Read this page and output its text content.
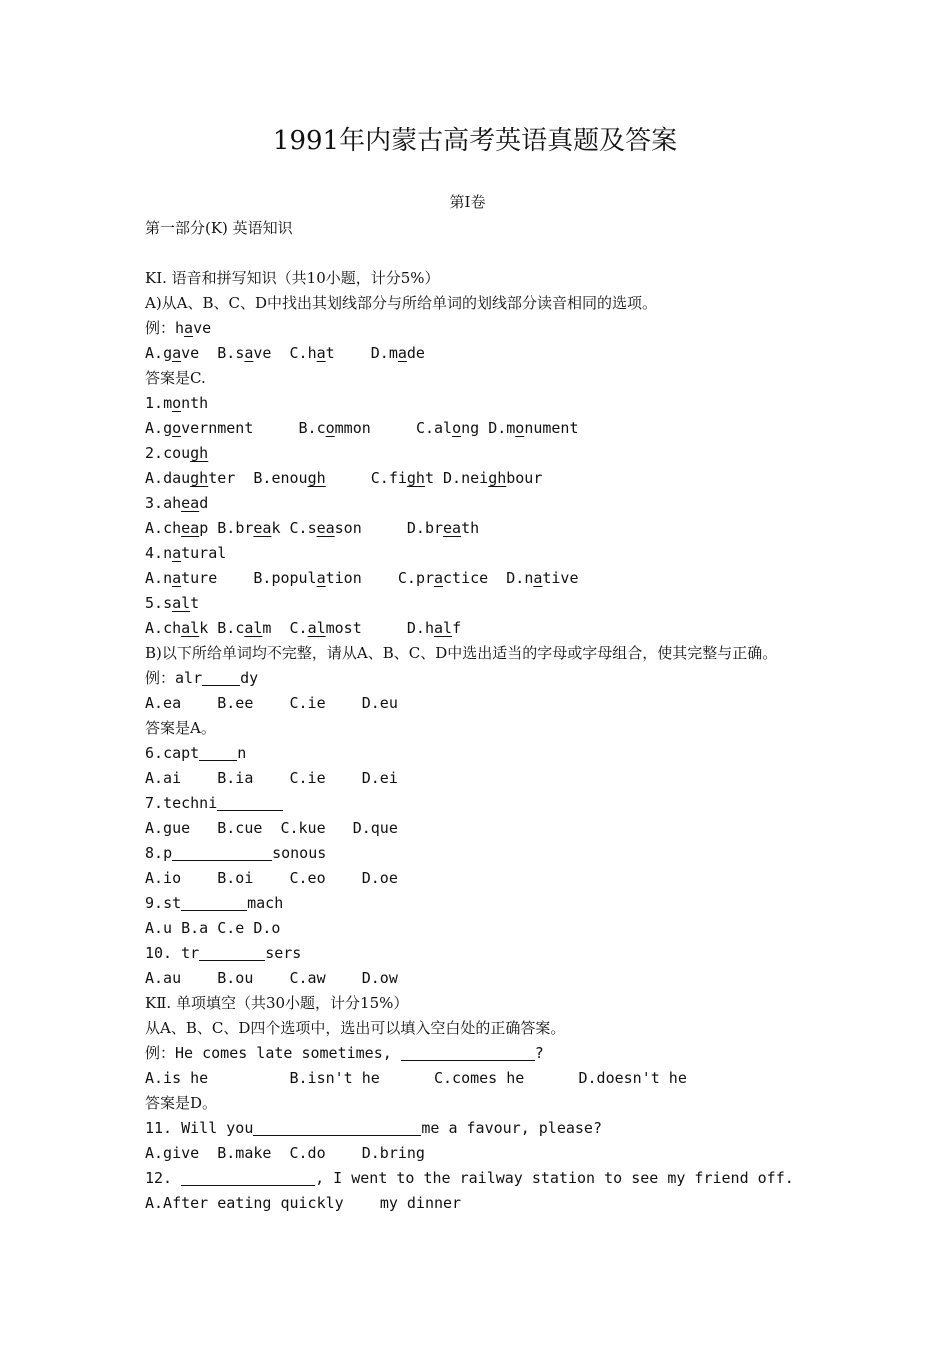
1991年内蒙古高考英语真题及答案
第Ⅰ卷
第一部分(K) 英语知识
KⅠ. 语音和拼写知识（共10小题，计分5%）
A)从A、B、C、D中找出其划线部分与所给单词的划线部分读音相同的选项。
例：have
A.gave B.save C.hat D.made
答案是C.
1.month
A.government	B.common	C.along D.monument
2.cough
A.daughter B.enough	C.fight D.neighbour
3.ahead
A.cheap B.break C.season	D.breath
4.natural
A.nature B.population C.practice D.native
5.salt
A.chalk B.calm C.almost	D.half
B)以下所给单词均不完整，请从A、B、C、D中选出适当的字母或字母组合，使其完整与正确。
例：alr	dy
A.ea B.ee C.ie D.eu
答案是A。
6.capt	n
A.ai B.ia C.ie D.ei
7.techni
A.gue B.cue C.kue D.que
8.p	sonous
A.io B.oi C.eo D.oe
9.st	mach
A.u B.a C.e D.o
10. tr	sers
A.au B.ou C.aw D.ow
KⅡ. 单项填空（共30小题，计分15%）
从A、B、C、D四个选项中，选出可以填入空白处的正确答案。
例：He comes late sometimes,	?
A.is he	B.isn't he	C.comes he	D.doesn't he
答案是D。
11. Will you	me a favour, please?
A.give B.make C.do D.bring
12.	, I went to the railway station to see my friend off.
A.After eating quickly my dinner
